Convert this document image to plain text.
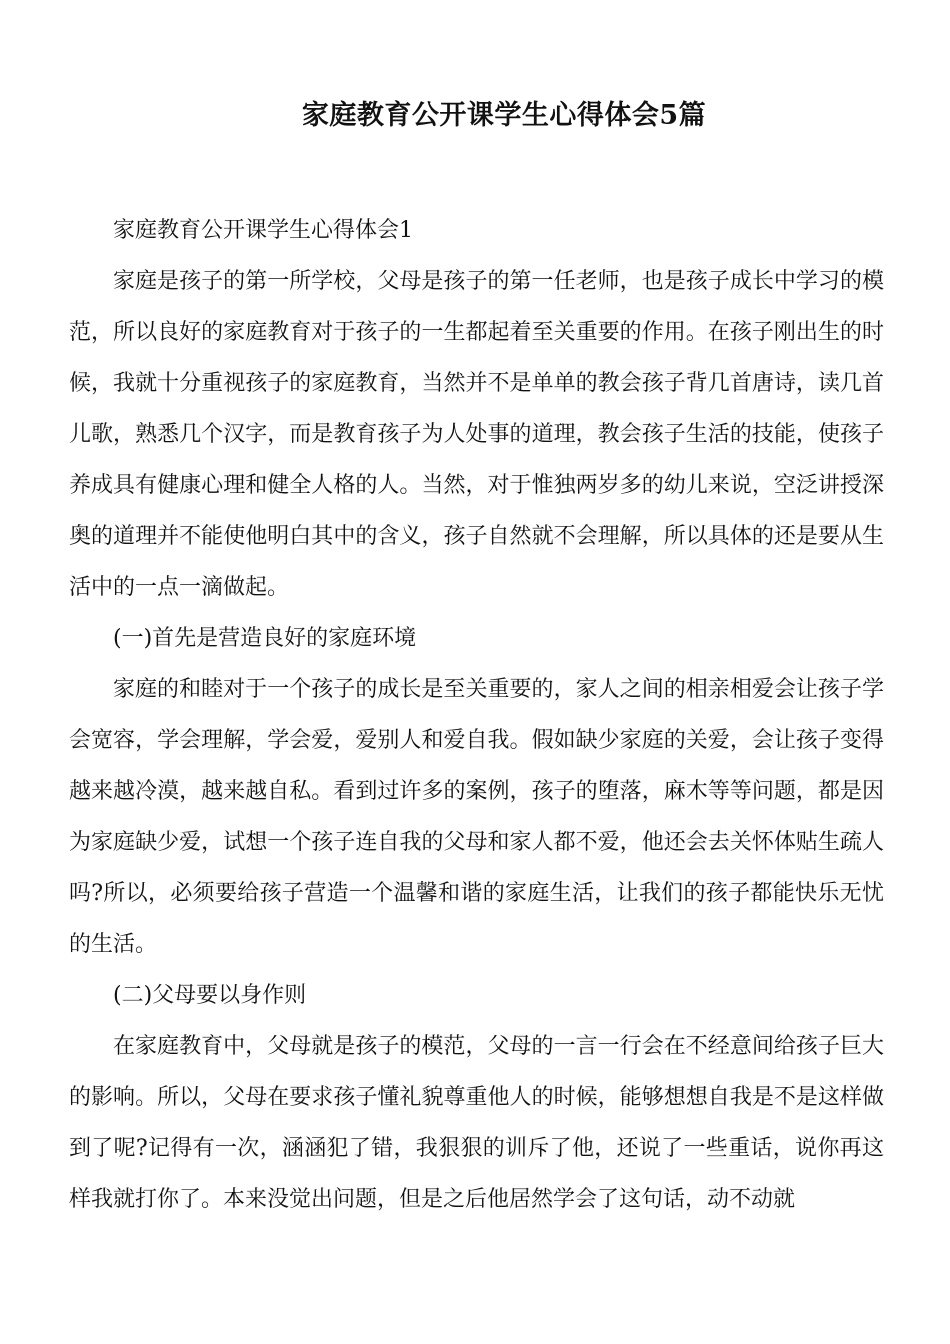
家庭教育公开课学生心得体会5篇

家庭教育公开课学生心得体会1

家庭是孩子的第一所学校，父母是孩子的第一任老师，也是孩子成长中学习的模范，所以良好的家庭教育对于孩子的一生都起着至关重要的作用。在孩子刚出生的时候，我就十分重视孩子的家庭教育，当然并不是单单的教会孩子背几首唐诗，读几首儿歌，熟悉几个汉字，而是教育孩子为人处事的道理，教会孩子生活的技能，使孩子养成具有健康心理和健全人格的人。当然，对于惟独两岁多的幼儿来说，空泛讲授深奥的道理并不能使他明白其中的含义，孩子自然就不会理解，所以具体的还是要从生活中的一点一滴做起。

(一)首先是营造良好的家庭环境

家庭的和睦对于一个孩子的成长是至关重要的，家人之间的相亲相爱会让孩子学会宽容，学会理解，学会爱，爱别人和爱自我。假如缺少家庭的关爱，会让孩子变得越来越冷漠，越来越自私。看到过许多的案例，孩子的堕落，麻木等等问题，都是因为家庭缺少爱，试想一个孩子连自我的父母和家人都不爱，他还会去关怀体贴生疏人吗?所以，必须要给孩子营造一个温馨和谐的家庭生活，让我们的孩子都能快乐无忧的生活。

(二)父母要以身作则

在家庭教育中，父母就是孩子的模范，父母的一言一行会在不经意间给孩子巨大的影响。所以，父母在要求孩子懂礼貌尊重他人的时候，能够想想自我是不是这样做到了呢?记得有一次，涵涵犯了错，我狠狠的训斥了他，还说了一些重话，说你再这样我就打你了。本来没觉出问题，但是之后他居然学会了这句话，动不动就
